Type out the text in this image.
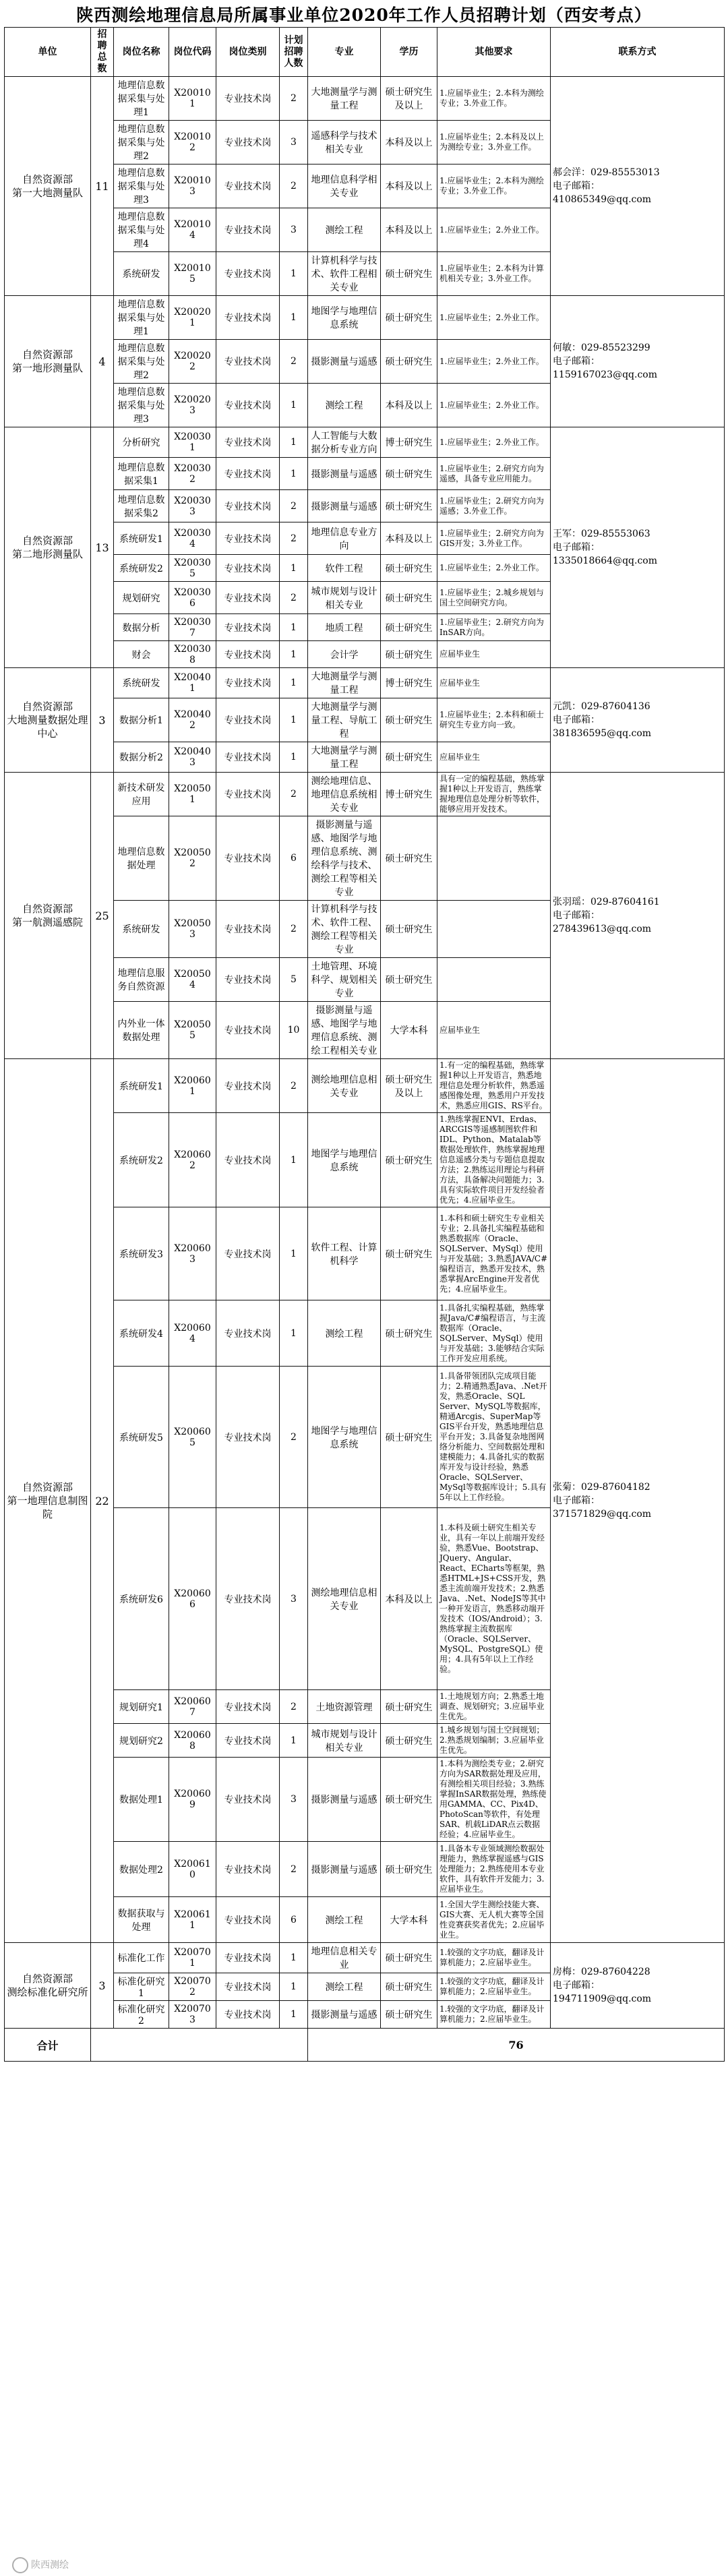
陕西测绘地理信息局所属事业单位2020年工作人员招聘计划（西安考点）
单位	招聘总数	岗位名称	岗位代码	岗位类别	计划招聘人数	专业	学历	其他要求	联系方式
自然资源部
第一大地测量队	11	地理信息数据采集与处理1	X200101	专业技术岗	2	大地测量学与测量工程	硕士研究生及以上	1.应届毕业生；2.本科为测绘专业；3.外业工作。	郝会洋：029-85553013
电子邮箱：
410865349@qq.com
		地理信息数据采集与处理2	X200102	专业技术岗	3	遥感科学与技术相关专业	本科及以上	1.应届毕业生；2.本科及以上为测绘专业；3.外业工作。	
		地理信息数据采集与处理3	X200103	专业技术岗	2	地理信息科学相关专业	本科及以上	1.应届毕业生；2.本科为测绘专业；3.外业工作。	
		地理信息数据采集与处理4	X200104	专业技术岗	3	测绘工程	本科及以上	1.应届毕业生；2.外业工作。	
		系统研发	X200105	专业技术岗	1	计算机科学与技术、软件工程相关专业	硕士研究生	1.应届毕业生；2.本科为计算机相关专业；3.外业工作。	
自然资源部
第一地形测量队	4	地理信息数据采集与处理1	X200201	专业技术岗	1	地图学与地理信息系统	硕士研究生	1.应届毕业生；2.外业工作。	何敏：029-85523299
电子邮箱：
1159167023@qq.com
		地理信息数据采集与处理2	X200202	专业技术岗	2	摄影测量与遥感	硕士研究生	1.应届毕业生；2.外业工作。	
		地理信息数据采集与处理3	X200203	专业技术岗	1	测绘工程	本科及以上	1.应届毕业生；2.外业工作。	
自然资源部
第二地形测量队	13	分析研究	X200301	专业技术岗	1	人工智能与大数据分析专业方向	博士研究生	1.应届毕业生；2.外业工作。	王军：029-85553063
电子邮箱：
1335018664@qq.com
		地理信息数据采集1	X200302	专业技术岗	1	摄影测量与遥感	硕士研究生	1.应届毕业生；2.研究方向为遥感，具备专业应用能力。	
		地理信息数据采集2	X200303	专业技术岗	2	摄影测量与遥感	硕士研究生	1.应届毕业生；2.研究方向为遥感；3.外业工作。	
		系统研发1	X200304	专业技术岗	2	地理信息专业方向	本科及以上	1.应届毕业生；2.研究方向为GIS开发；3.外业工作。	
		系统研发2	X200305	专业技术岗	1	软件工程	硕士研究生	1.应届毕业生；2.外业工作。	
		规划研究	X200306	专业技术岗	2	城市规划与设计相关专业	硕士研究生	1.应届毕业生；2.城乡规划与国土空间研究方向。	
		数据分析	X200307	专业技术岗	1	地质工程	硕士研究生	1.应届毕业生；2.研究方向为InSAR方向。	
		财会	X200308	专业技术岗	1	会计学	硕士研究生	应届毕业生	
自然资源部
大地测量数据处理中心	3	系统研发	X200401	专业技术岗	1	大地测量学与测量工程	博士研究生	应届毕业生	元凯：029-87604136
电子邮箱：
381836595@qq.com
		数据分析1	X200402	专业技术岗	1	大地测量学与测量工程、导航工程	硕士研究生	1.应届毕业生；2.本科和硕士研究生专业方向一致。	
		数据分析2	X200403	专业技术岗	1	大地测量学与测量工程	硕士研究生	应届毕业生	
自然资源部
第一航测遥感院	25	新技术研发应用	X200501	专业技术岗	2	测绘地理信息、地理信息系统相关专业	博士研究生	具有一定的编程基础，熟练掌握1种以上开发语言，熟练掌握地理信息处理分析等软件，能够应用开发技术。	张羽瑶：029-87604161
电子邮箱：
278439613@qq.com
		地理信息数据处理	X200502	专业技术岗	6	摄影测量与遥感、地图学与地理信息系统、测绘科学与技术、测绘工程等相关专业	硕士研究生		
		系统研发	X200503	专业技术岗	2	计算机科学与技术、软件工程、测绘工程等相关专业	硕士研究生		
		地理信息服务自然资源	X200504	专业技术岗	5	土地管理、环境科学、规划相关专业	硕士研究生		
		内外业一体数据处理	X200505	专业技术岗	10	摄影测量与遥感、地图学与地理信息系统、测绘工程相关专业	大学本科	应届毕业生	
自然资源部
第一地理信息制图院	22	系统研发1	X200601	专业技术岗	2	测绘地理信息相关专业	硕士研究生及以上	1.有一定的编程基础，熟练掌握1种以上开发语言，熟悉地理信息处理分析软件，熟悉遥感图像处理，熟悉用户开发技术，熟悉应用GIS、RS平台。	张菊：029-87604182
电子邮箱：
371571829@qq.com
		系统研发2	X200602	专业技术岗	1	地图学与地理信息系统	硕士研究生	1.熟练掌握ENVI、Erdas、ARCGIS等遥感制图软件和IDL、Python、Matalab等数据处理软件，熟练掌握地理信息遥感分类与专题信息提取方法；2.熟练运用理论与科研方法，具备解决问题能力；3.具有实际软件项目开发经验者优先；4.应届毕业生。	
		系统研发3	X200603	专业技术岗	1	软件工程、计算机科学	硕士研究生	1.本科和硕士研究生专业相关专业；2.具备扎实编程基础和熟悉数据库（Oracle、SQLServer、MySql）使用与开发基础；3.熟悉JAVA/C#编程语言，熟悉开发技术，熟悉掌握ArcEngine开发者优先；4.应届毕业生。	
		系统研发4	X200604	专业技术岗	1	测绘工程	硕士研究生	1.具备扎实编程基础，熟练掌握Java/C#编程语言，与主流数据库（Oracle、SQLServer、MySql）使用与开发基础；3.能够结合实际工作开发应用系统。	
		系统研发5	X200605	专业技术岗	2	地图学与地理信息系统	硕士研究生	1.具备带领团队完成项目能力；2.精通熟悉Java、.Net开发，熟悉Oracle、SQL Server、MySQL等数据库，精通Arcgis、SuperMap等GIS平台开发，熟悉地理信息平台开发；3.具备复杂地图网络分析能力、空间数据处理和建模能力；4.具备扎实的数据库开发与设计经验，熟悉Oracle、SQLServer、MySql等数据库设计；5.具有5年以上工作经验。	
		系统研发6	X200606	专业技术岗	3	测绘地理信息相关专业	本科及以上	1.本科及硕士研究生相关专业，具有一年以上前端开发经验，熟悉Vue、Bootstrap、JQuery、Angular、React、ECharts等框架，熟悉HTML+JS+CSS开发，熟悉主流前端开发技术；2.熟悉Java、.Net、NodeJS等其中一种开发语言，熟悉移动端开发技术（IOS/Android）；3.熟练掌握主流数据库（Oracle、SQLServer、MySQL、PostgreSQL）使用；4.具有5年以上工作经验。	
		规划研究1	X200607	专业技术岗	2	土地资源管理	硕士研究生	1.土地规划方向；2.熟悉土地调查、规划研究；3.应届毕业生优先。	
		规划研究2	X200608	专业技术岗	1	城市规划与设计相关专业	硕士研究生	1.城乡规划与国土空间规划；2.熟悉规划编制；3.应届毕业生优先。	
		数据处理1	X200609	专业技术岗	3	摄影测量与遥感	硕士研究生	1.本科为测绘类专业；2.研究方向为SAR数据处理及应用，有测绘相关项目经验；3.熟练掌握InSAR数据处理，熟练使用GAMMA、CC、Pix4D、PhotoScan等软件，有处理SAR、机载LiDAR点云数据经验；4.应届毕业生。	
		数据处理2	X200610	专业技术岗	2	摄影测量与遥感	硕士研究生	1.具备本专业领域测绘数据处理能力，熟练掌握遥感与GIS处理能力；2.熟练使用本专业软件，具有软件开发能力；3.应届毕业生。	
		数据获取与处理	X200611	专业技术岗	6	测绘工程	大学本科	1.全国大学生测绘技能大赛、GIS大赛、无人机大赛等全国性竞赛获奖者优先；2.应届毕业生。	
自然资源部
测绘标准化研究所	3	标准化工作	X200701	专业技术岗	1	地理信息相关专业	硕士研究生	1.较强的文字功底，翻译及计算机能力；2.应届毕业生。	房梅：029-87604228
电子邮箱：
194711909@qq.com
		标准化研究1	X200702	专业技术岗	1	测绘工程	硕士研究生	1.较强的文字功底，翻译及计算机能力；2.应届毕业生。	
		标准化研究2	X200703	专业技术岗	1	摄影测量与遥感	硕士研究生	1.较强的文字功底，翻译及计算机能力；2.应届毕业生。	
合计						76			
陕西测绘
